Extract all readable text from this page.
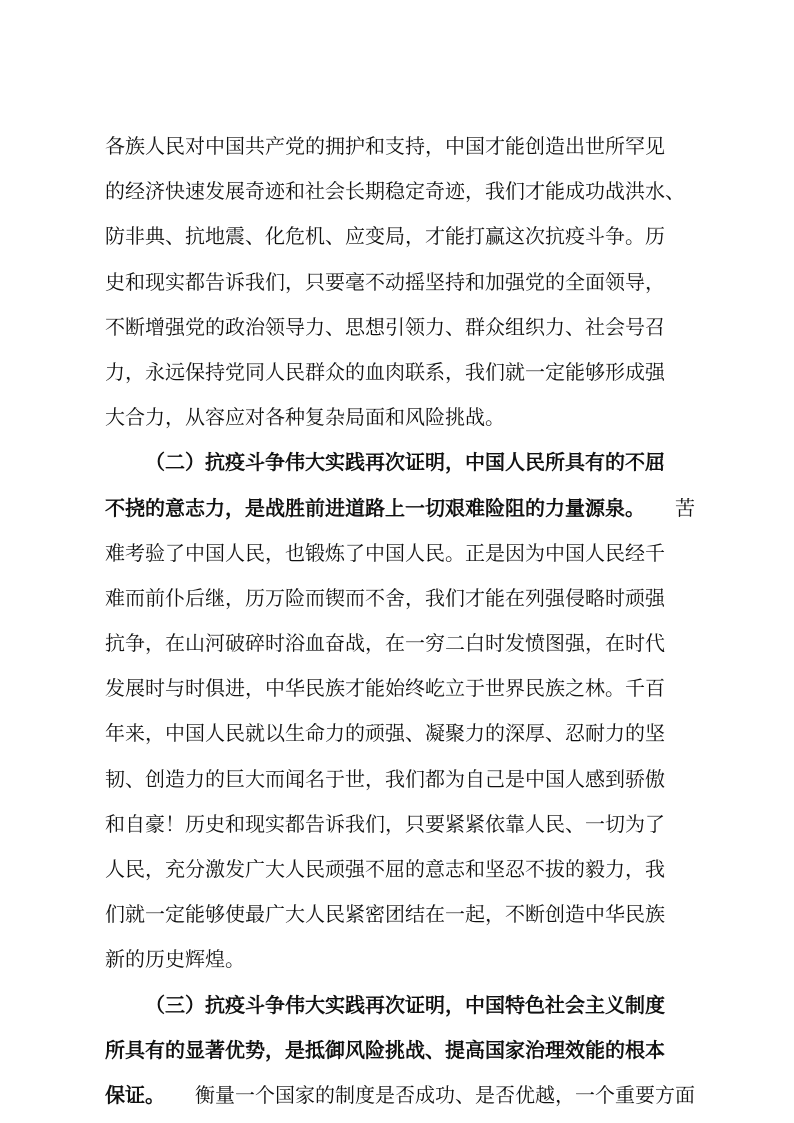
各族人民对中国共产党的拥护和支持，中国才能创造出世所罕见
的经济快速发展奇迹和社会长期稳定奇迹，我们才能成功战洪水、
防非典、抗地震、化危机、应变局，才能打赢这次抗疫斗争。历
史和现实都告诉我们，只要毫不动摇坚持和加强党的全面领导，
不断增强党的政治领导力、思想引领力、群众组织力、社会号召
力，永远保持党同人民群众的血肉联系，我们就一定能够形成强
大合力，从容应对各种复杂局面和风险挑战。
（二）抗疫斗争伟大实践再次证明，中国人民所具有的不屈
不挠的意志力，是战胜前进道路上一切艰难险阻的力量源泉。 苦
难考验了中国人民，也锻炼了中国人民。正是因为中国人民经千
难而前仆后继，历万险而锲而不舍，我们才能在列强侵略时顽强
抗争，在山河破碎时浴血奋战，在一穷二白时发愤图强，在时代
发展时与时俱进，中华民族才能始终屹立于世界民族之林。千百
年来，中国人民就以生命力的顽强、凝聚力的深厚、忍耐力的坚
韧、创造力的巨大而闻名于世，我们都为自己是中国人感到骄傲
和自豪！历史和现实都告诉我们，只要紧紧依靠人民、一切为了
人民，充分激发广大人民顽强不屈的意志和坚忍不拔的毅力，我
们就一定能够使最广大人民紧密团结在一起，不断创造中华民族
新的历史辉煌。
（三）抗疫斗争伟大实践再次证明，中国特色社会主义制度
所具有的显著优势，是抵御风险挑战、提高国家治理效能的根本
保证。 衡量一个国家的制度是否成功、是否优越，一个重要方面
